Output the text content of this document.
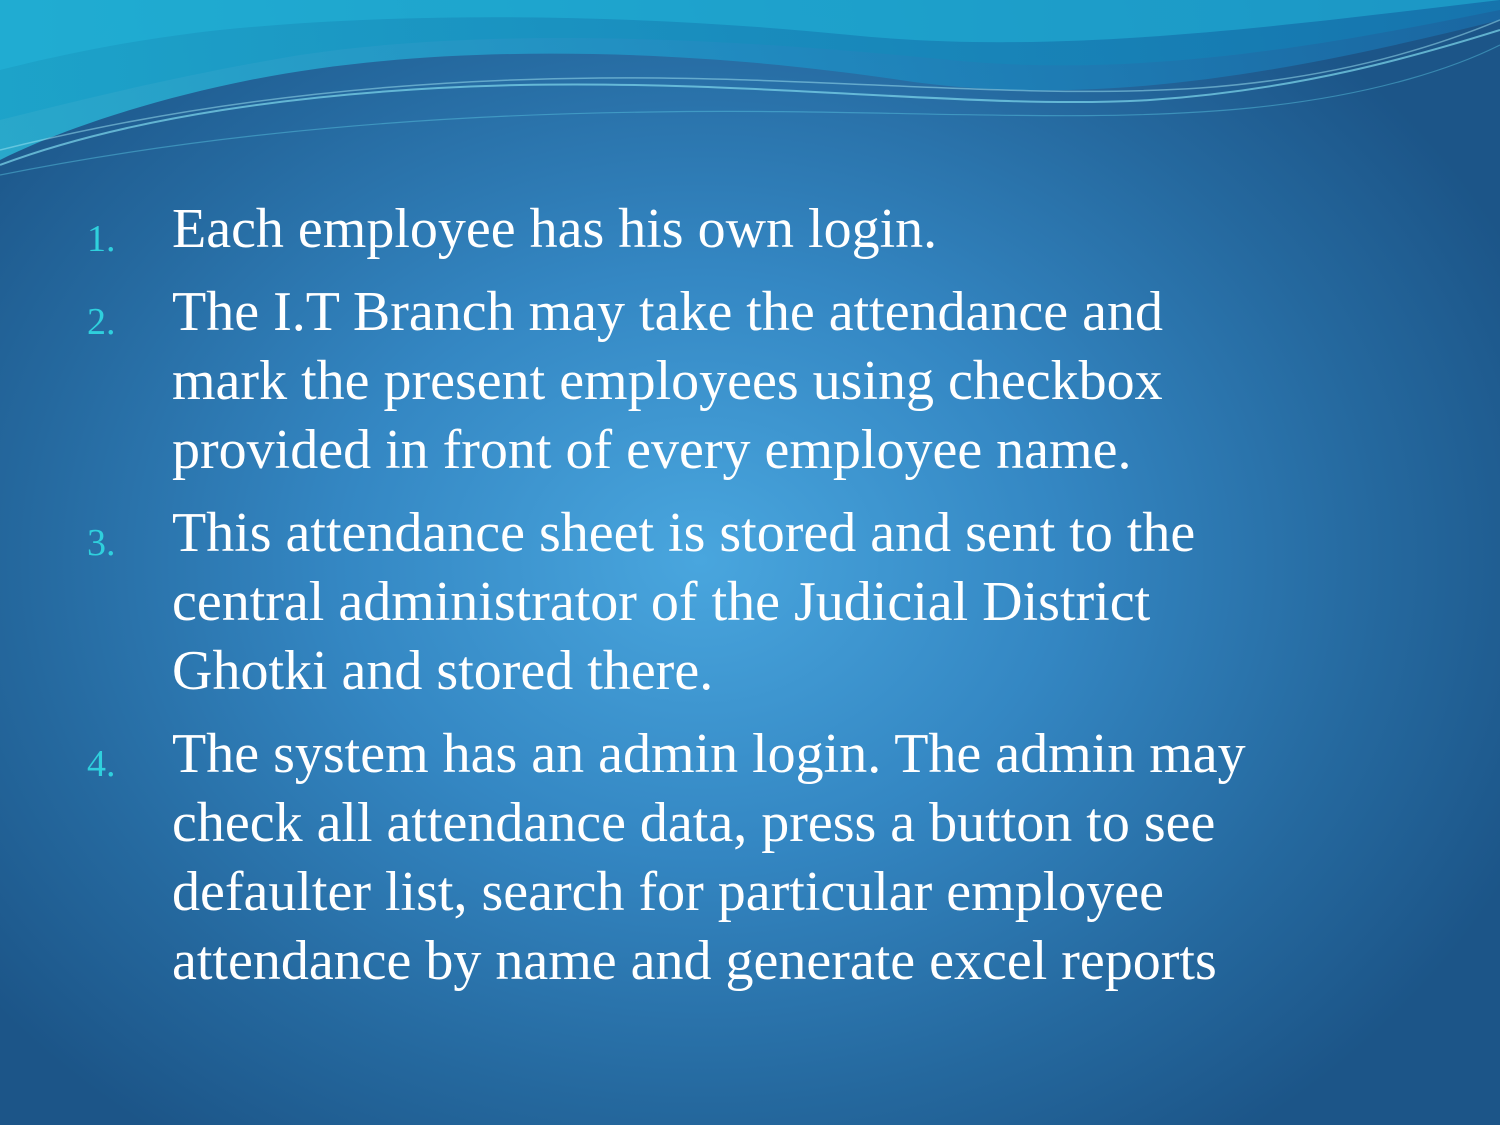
1. Each employee has his own login.
2. The I.T Branch may take the attendance and
mark the present employees using checkbox
provided in front of every employee name.
3. This attendance sheet is stored and sent to the
central administrator of the Judicial District
Ghotki and stored there.
4. The system has an admin login. The admin may
check all attendance data, press a button to see
defaulter list, search for particular employee
attendance by name and generate excel reports
